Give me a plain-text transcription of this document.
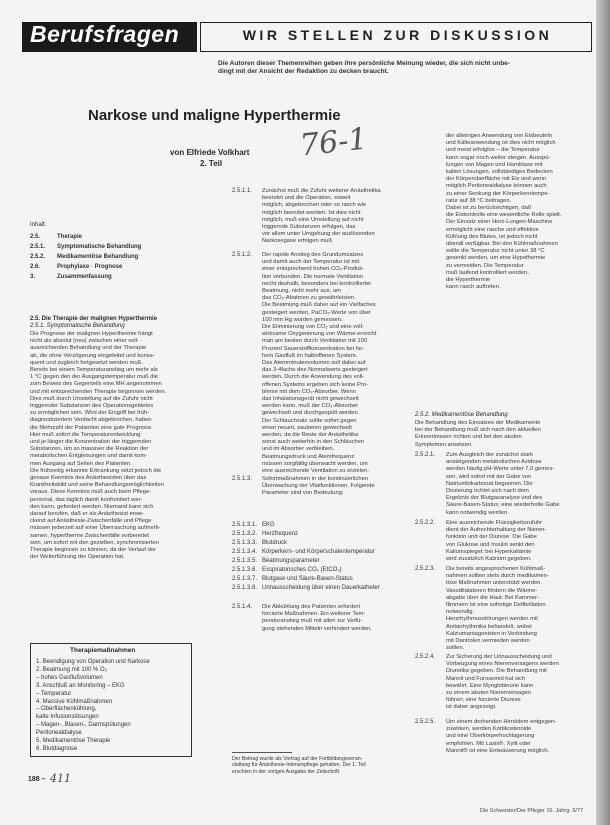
Berufsfragen	WIR STELLEN ZUR DISKUSSION
Die Autoren dieser Themenreihen geben ihre persönliche Meinung wieder, die sich nicht unbe-
dingt mit der Ansicht der Redaktion zu decken braucht.
Narkose und maligne Hyperthermie
von Elfriede Volkhart
2. Teil
76-1
Inhalt:
2.5.	Therapie
2.5.1. Symptomatische Behandlung
2.5.2. Medikamentöse Behandlung
2.6.	Prophylaxe · Prognose
3.	Zusammenfassung
2.5. Die Therapie der malignen Hyperthermie
2.5.1. Symptomatische Behandlung
Die Prognose der malignen Hyperthermie hängt
nicht als absolut (neu) zwischen einer voll-
ausreichenden Behandlung und der Therapie
ab, die ohne Verzögerung eingeleitet und konse-
quent und zugleich fortgesetzt werden muß.
Bereits bei einem Temperaturanstieg um mehr als
1 °C gegen den der Ausgangstemperatur muß die
zum Beweis des Gegenteils eine MH angenommen
und mit entsprechenden Therapie begonnen werden.
Dies muß durch Umstellung auf die Zufuhr nicht
triggernder Substanzen des Operationsgebietes
zu ermöglichen sein. Wird der Eingriff bei früh-
diagnostiziertem Verdacht abgebrochen, haben
die Mehrzahl der Patienten eine gute Prognose.
Hier muß sofort die Temperaturentwicklung
und je länger die Konzentration der triggernden
Substanzen, um so massiver die Reaktion der
metabolischen Entgleisungen und damit kom-
men Ausgang auf Seiten des Patienten.
Die frühzeitig erkannte Erkrankung setzt jedoch die
genaue Kenntnis des Anästhesisten über das
Krankheitsbild und seine Behandlungsmöglichkeiten
voraus. Diese Kenntnis muß auch beim Pflege-
personal, das täglich damit konfrontiert wer-
den kann, gefordert werden. Niemand kann sich
darauf berufen, daß er als Anästhesist erwe-
ckend auf Anästhesie-Zwischenfälle und Pflege
müssen jederzeit auf einer Überraschung aufmerk-
samen, hypertherme Zwischenfälle vorbereitet
sein, um sofort mit den gezielten, synchronisierten
Therapie beginnen zu können, da der Verlauf der
der Weiterführung der Operation hat.
Therapiemaßnahmen
1. Beendigung von Operation und Narkose
2. Beatmung mit 100 % O₂
– hohes Gasflußvolumen
3. Anschluß an Monitoring – EKG
– Temperatur
4. Massive Kühlmaßnahmen
– Oberflächenkühlung,
kalte Infusionslösungen
– Magen-, Blasen-, Darmspülungen
Peritonealdialyse
5. Medikamentöse Therapie
6. Blutdiagnose
2.5.1.1. Zunächst muß die Zufuhr weiterer Anästhetika
beendet und die Operation, soweit
möglich, abgebrochen oder so rasch wie
möglich beendet werden. Ist dies nicht
möglich, muß eine Umstellung auf nicht
triggernde Substanzen erfolgen, das
vor allem unter Umgehung der auslösenden
Narkosegase erfolgen muß.
2.5.1.2. Der rapide Anstieg des Grundumsatzes
und damit auch der Temperatur ist mit
einer entsprechend hohen CO₂-Produk-
tion verbunden. Die normale Ventilation
reicht deshalb, besonders bei kontrollierter
Beatmung, nicht mehr aus, um
das CO₂-Abatmen zu gewährleisten.
Die Beatmung muß daher auf ein Vielfaches
gesteigert werden, PaCO₂-Werte von über
100 mm Hg wurden gemessen.
Die Eliminierung von CO₂ und eine voll-
wirksame Oxygenierung von Wärme erreicht
man am besten durch Ventilation mit 100
Prozent Sauerstoffkonzentration bei ho-
hem Gasfluß im halboffenen System.
Das Atemminutenvolumen soll dabei auf
das 3-4fache des Normalwerts gesteigert
werden. Durch die Anwendung des voll-
offenen Systems ergeben sich keine Pro-
bleme mit dem CO₂-Absorber. Wenn
das Inhalationsgerät nicht gewechselt
werden kann, muß der CO₂-Absorber
gewechselt und durchgespült werden.
Der Schlauchsatz sollte sofort gegen
einen neuen, sauberen gewechselt
werden, da die Reste der Anästhetika
sonst auch weiterhin in den Schläuchen
und im Absorber verbleiben.
Beatmungsdruck und Atemfrequenz
müssen sorgfältig überwacht werden, um
eine ausreichende Ventilation zu erzielen.
2.5.1.3. Sofortmaßnahmen in der kontinuierlichen
Überwachung der Vitalfunktionen. Folgende
Parameter sind von Bedeutung:
2.5.1.3.1. EKG
2.5.1.3.2. Herzfrequenz
2.5.1.3.3. Blutdruck
2.5.1.3.4. Körperkern- und Körperschalentemperatur
2.5.1.3.5. Beatmungsparameter
2.5.1.3.6. Exspiratorisches CO₂ (EtCO₂)
2.5.1.3.7. Blutgase und Säure-Basen-Status
2.5.1.3.8. Urinausscheidung über einen Dauerkatheter
2.5.1.4. Die Abkühlung des Patienten erfordert
forcierte Maßnahmen. Ein weiterer Tem-
peraturanstieg muß mit allen zur Verfü-
gung stehenden Mitteln verhindert werden.
Der Beitrag wurde als Vortrag auf der Fortbildungsveran-
staltung für Anästhesie-Intensivpflege gehalten. Der 1. Teil
erschien in der vorigen Ausgabe der Zeitschrift.
der alleinigen Anwendung von Eisbeuteln
und Kälteanwendung ist dies nicht möglich
und meist erfolglos – die Temperatur
kann sogar noch weiter steigen. Ausspü-
lungen von Magen und Harnblase mit
kalten Lösungen, vollständiges Bedecken
der Körperoberfläche mit Eis und wenn
möglich Peritonealdialyse können auch
zu einer Senkung der Körperkerntempe-
ratur auf 38 °C beitragen.
Dabei ist zu berücksichtigen, daß
die Eiskontrolle eine wesentliche Rolle spielt.
Der Einsatz einer Herz-Lungen-Maschine
ermöglicht eine rasche und effektive
Kühlung des Blutes, ist jedoch nicht
überall verfügbar. Bei den Kühlmaßnahmen
sollte die Temperatur nicht unter 38 °C
gesenkt werden, um eine Hypothermie
zu vermeiden. Die Temperatur
muß laufend kontrolliert werden,
die Hyperthermie
kann rasch auftreten.
2.5.2. Medikamentöse Behandlung
Die Behandlung des Einsatzes der Medikamente
bei der Behandlung muß sich nach den aktuellen
Erkenntnissen richten und bei den akuten
Symptomen ansetzen.
2.5.2.1. Zum Ausgleich der zunächst stark
ansteigenden metabolischen Azidose
werden häufig pH-Werte unter 7,0 gemes-
sen, wird sofort mit der Gabe von
Natriumbikarbonat begonnen. Die
Dosierung richtet sich nach dem
Ergebnis der Blutgasanalyse und des
Säure-Basen-Status; eine wiederholte Gabe
kann notwendig werden.
2.5.2.2. Eine ausreichende Flüssigkeitszufuhr
dient der Aufrechterhaltung der Nieren-
funktion und der Diurese. Die Gabe
von Glukose und Insulin senkt den
Kaliumspiegel; bei Hyperkaliämie
wird zusätzlich Kalzium gegeben.
2.5.2.3. Die bereits angesprochenen Kühlmaß-
nahmen sollten stets durch medikamen-
töse Maßnahmen unterstützt werden.
Vasodilatatoren fördern die Wärme-
abgabe über die Haut. Bei Kammer-
flimmern ist eine sofortige Defibrillation
notwendig.
Herzrhythmusstörungen werden mit
Antiarrhythmika behandelt, wobei
Kalziumantagonisten in Verbindung
mit Dantrolen vermieden werden
sollten.
2.5.2.4. Zur Sicherung der Urinausscheidung und
Vorbeugung eines Nierenversagens werden
Diuretika gegeben. Die Behandlung mit
Mannit und Furosemid hat sich
bewährt. Eine Myoglobinurie kann
zu einem akuten Nierenversagen
führen; eine forcierte Diurese
ist daher angezeigt.
2.5.2.5. Um einem drohenden Hirnödem entgegen-
zuwirken, werden Kortikosteroide
und eine Oberkörperhochlagerung
empfohlen. Mit Lasix®, Xylit oder
Mannit® ist eine Entwässerung möglich.
188 – 411
Die Schwester/Der Pfleger 16. Jahrg. 6/77
